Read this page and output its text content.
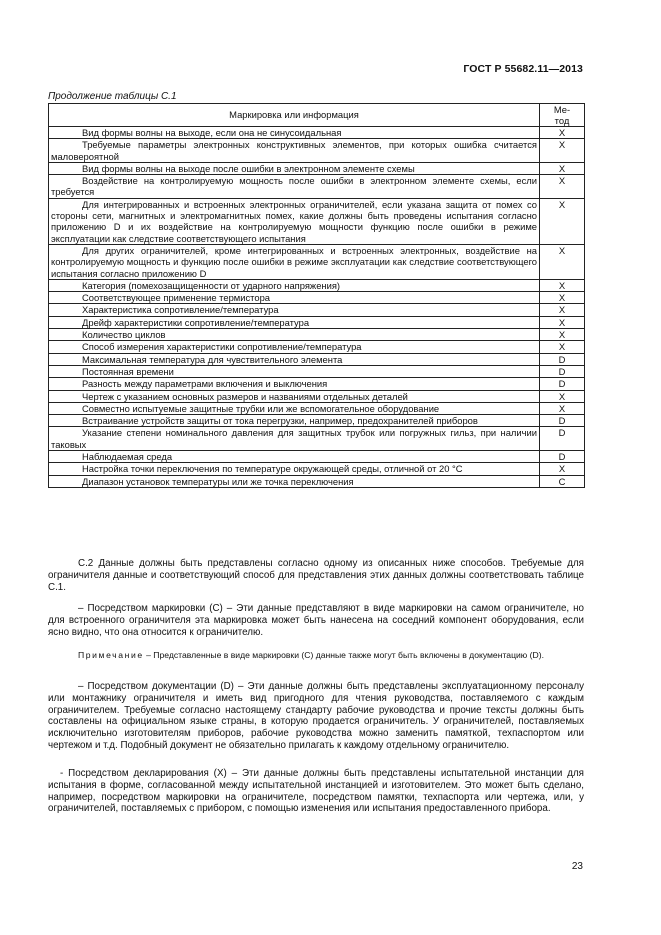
ГОСТ Р 55682.11—2013
Продолжение таблицы С.1
Маркировка или информация	Ме-
тод
Вид формы волны на выходе, если она не синусоидальная	X
Требуемые параметры электронных конструктивных элементов, при которых ошибка считается маловероятной	X
Вид формы волны на выходе после ошибки в электронном элементе схемы	X
Воздействие на контролируемую мощность после ошибки в электронном элементе схемы, если требуется	X
Для интегрированных и встроенных электронных ограничителей, если указана защита от помех со стороны сети, магнитных и электромагнитных помех, какие должны быть проведены испытания согласно приложению D и их воздействие на контролируемую мощности функцию после ошибки в режиме эксплуатации как следствие соответствующего испытания	X
Для других ограничителей, кроме интегрированных и встроенных электронных, воздействие на контролируемую мощность и функцию после ошибки в режиме эксплуатации как следствие соответствующего испытания согласно приложению D	X
Категория (помехозащищенности от ударного напряжения)	X
Соответствующее применение термистора	X
Характеристика сопротивление/температура	X
Дрейф характеристики сопротивление/температура	X
Количество циклов	X
Способ измерения характеристики сопротивление/температура	X
Максимальная температура для чувствительного элемента	D
Постоянная времени	D
Разность между параметрами включения и выключения	D
Чертеж с указанием основных размеров и названиями отдельных деталей	X
Совместно испытуемые защитные трубки или же вспомогательное оборудование	X
Встраивание устройств защиты от тока перегрузки, например, предохранителей приборов	D
Указание степени номинального давления для защитных трубок или погружных гильз, при наличии таковых	D
Наблюдаемая среда	D
Настройка точки переключения по температуре окружающей среды, отличной от 20 °С	X
Диапазон установок температуры или же точка переключения	C
С.2 Данные должны быть представлены согласно одному из описанных ниже способов. Требуемые для ограничителя данные и соответствующий способ для представления этих данных должны соответствовать таблице С.1.
– Посредством маркировки (С) – Эти данные представляют в виде маркировки на самом ограничителе, но для встроенного ограничителя эта маркировка может быть нанесена на соседний компонент оборудования, если ясно видно, что она относится к ограничителю.
Примечание – Представленные в виде маркировки (С) данные также могут быть включены в документацию (D).
– Посредством документации (D) – Эти данные должны быть представлены эксплуатационному персоналу или монтажнику ограничителя и иметь вид пригодного для чтения руководства, поставляемого с каждым ограничителем. Требуемые согласно настоящему стандарту рабочие руководства и прочие тексты должны быть составлены на официальном языке страны, в которую продается ограничитель. У ограничителей, поставляемых исключительно изготовителям приборов, рабочие руководства можно заменить памяткой, техпаспортом или чертежом и т.д. Подобный документ не обязательно прилагать к каждому отдельному ограничителю.
- Посредством декларирования (X) – Эти данные должны быть представлены испытательной инстанции для испытания в форме, согласованной между испытательной инстанцией и изготовителем. Это может быть сделано, например, посредством маркировки на ограничителе, посредством памятки, техпаспорта или чертежа, или, у ограничителей, поставляемых с прибором, с помощью изменения или испытания предоставленного прибора.
23
